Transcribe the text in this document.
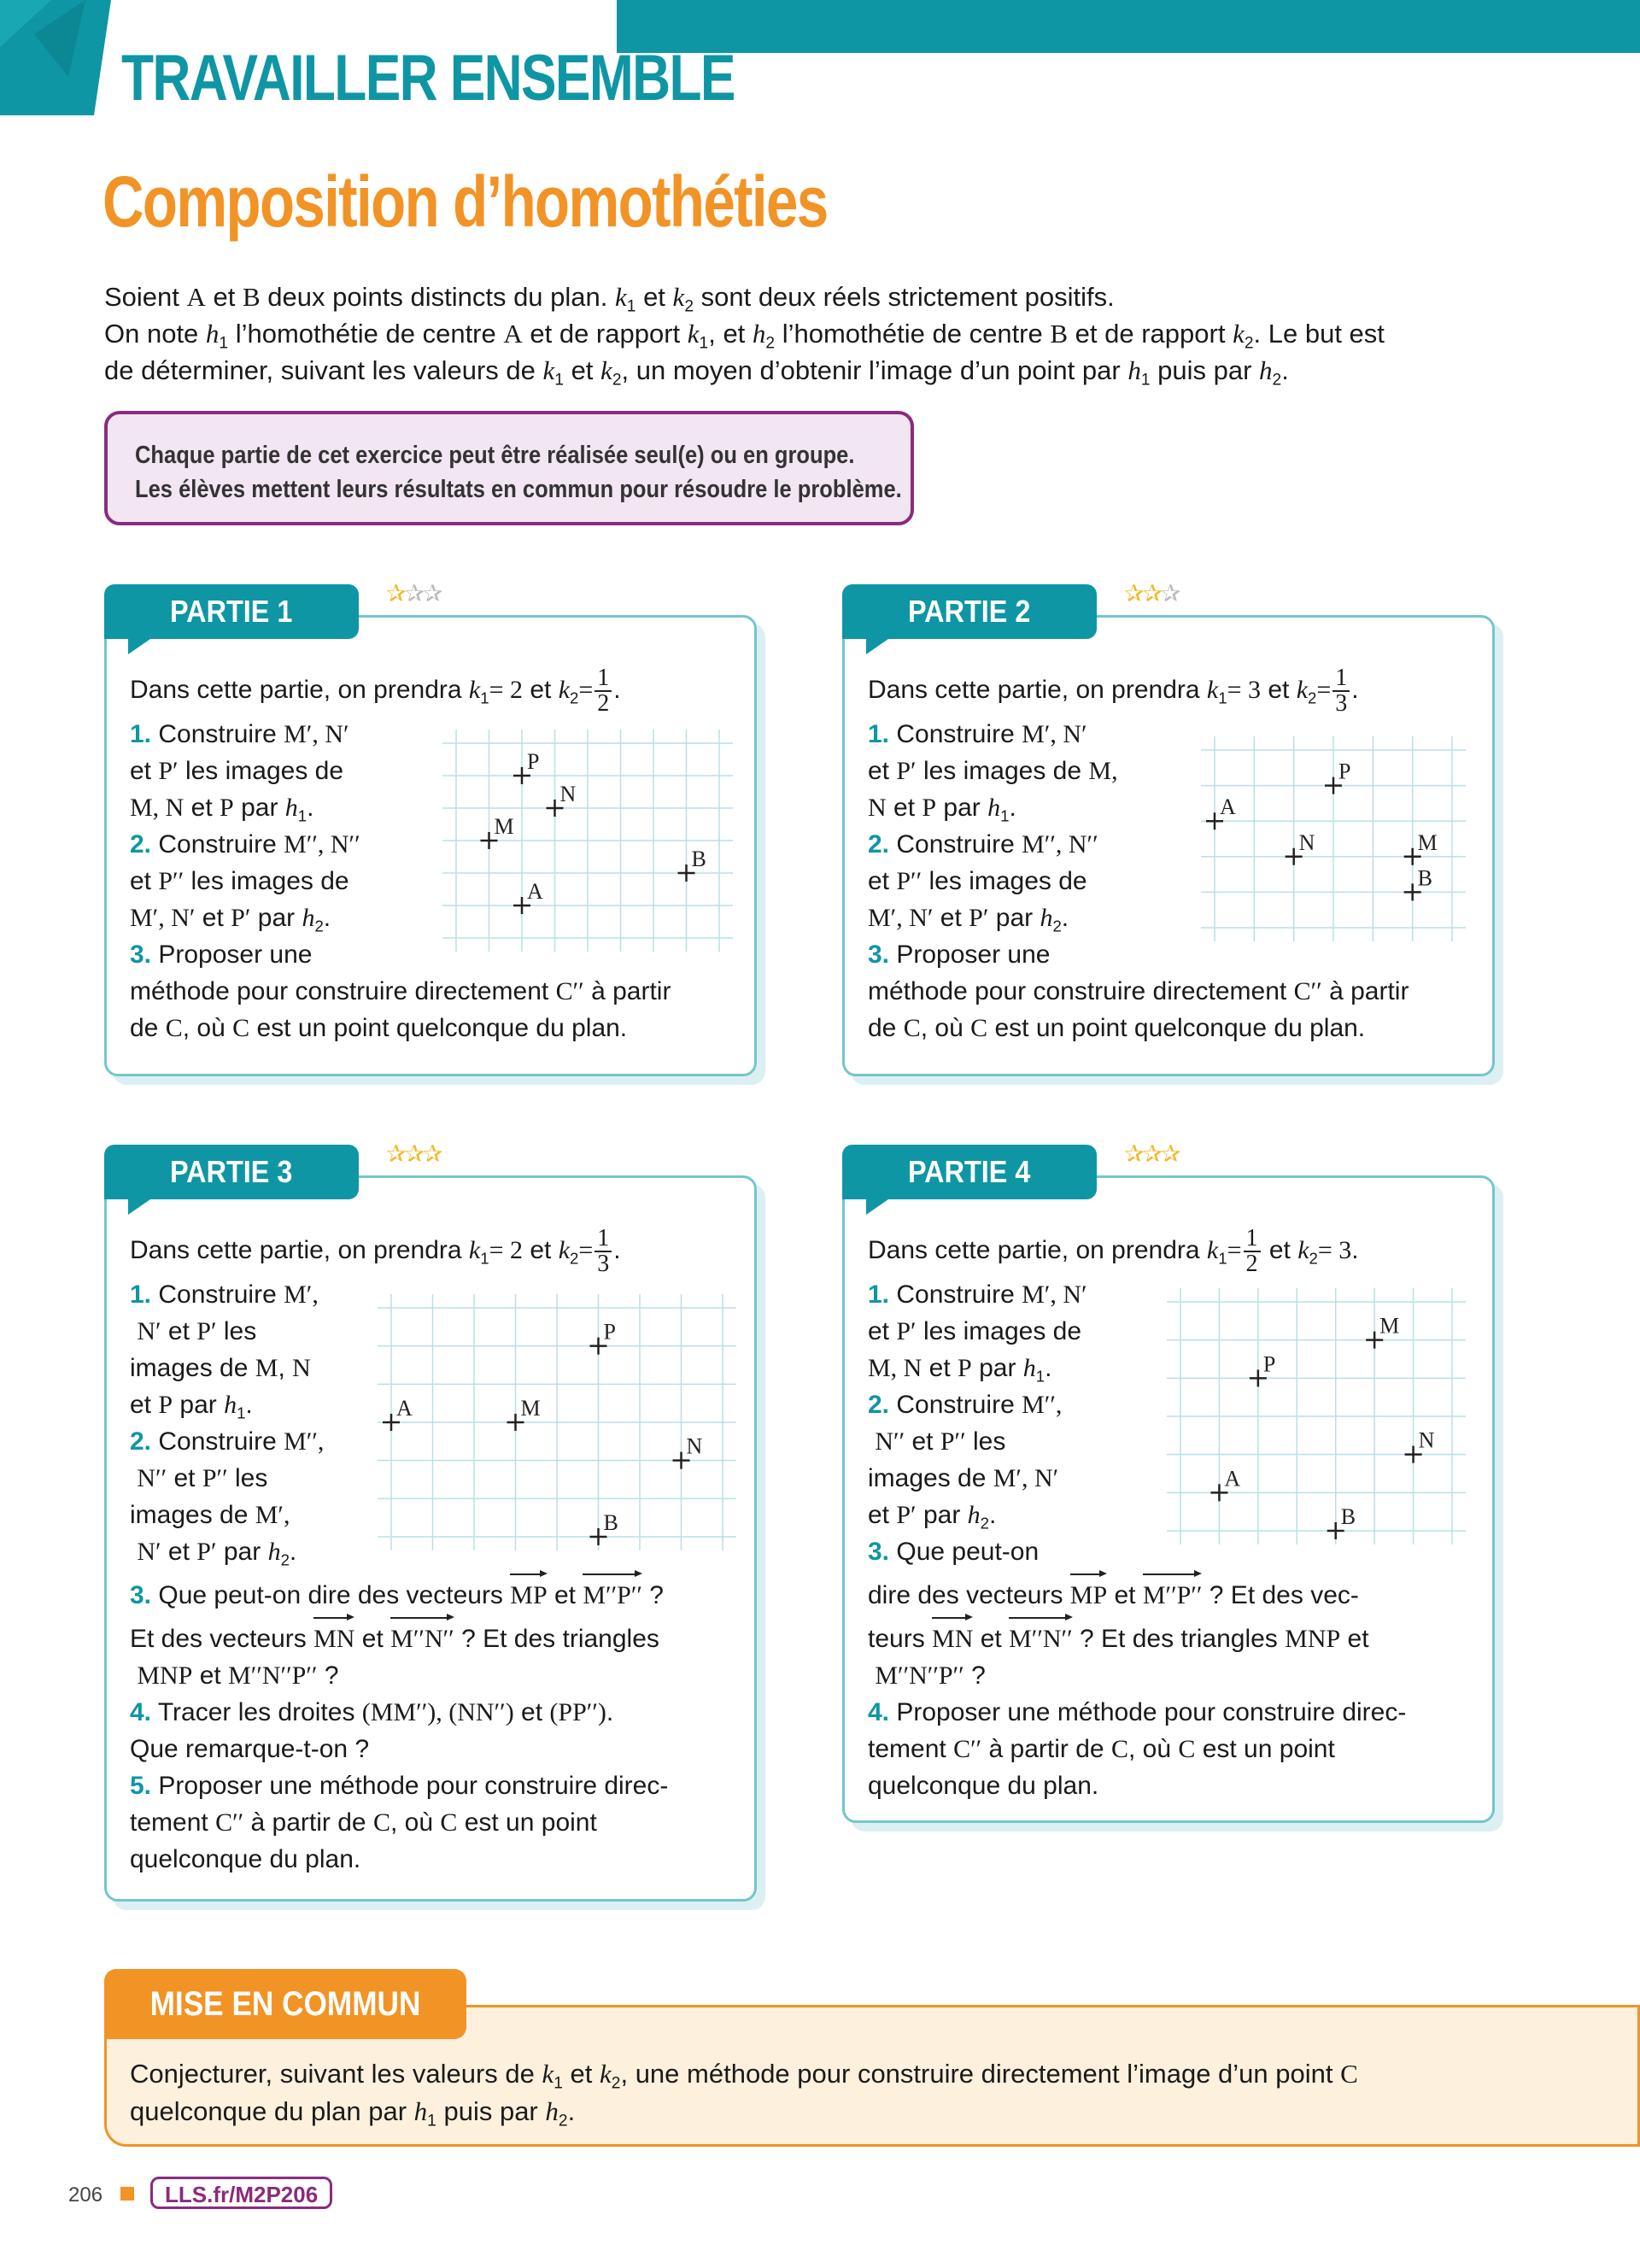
TRAVAILLER ENSEMBLE
Composition d’homothéties
Soient A et B deux points distincts du plan. $k_1$ et $k_2$ sont deux réels strictement positifs.
On note $h_1$ l’homothétie de centre A et de rapport $k_1$, et $h_2$ l’homothétie de centre B et de rapport $k_2$. Le but est
de déterminer, suivant les valeurs de $k_1$ et $k_2$, un moyen d’obtenir l’image d’un point par $h_1$ puis par $h_2$.
Chaque partie de cet exercice peut être réalisée seul(e) ou en groupe.
Les élèves mettent leurs résultats en commun pour résoudre le problème.
PARTIE 1
✰✰✰
Dans cette partie, on prendra $k_1= 2$ et $k_2= \frac{1}{2}$ .
1. Construire M′, N′
et P′ les images de
M, N et P par $h_1$.
2. Construire M′′, N′′
et P′′ les images de
M′, N′ et P′ par $h_2$.
3. Proposer une
méthode pour construire directement C′′ à partir
de C, où C est un point quelconque du plan.
P
N
M
B
A
PARTIE 2
✰✰✰
Dans cette partie, on prendra $k_1= 3$ et $k_2= \frac{1}{3}$ .
1. Construire M′, N′
et P′ les images de M,
N et P par $h_1$.
2. Construire M′′, N′′
et P′′ les images de
M′, N′ et P′ par $h_2$.
3. Proposer une
méthode pour construire directement C′′ à partir
de C, où C est un point quelconque du plan.
A
P
N	M
B
PARTIE 3
✰✰✰
Dans cette partie, on prendra $k_1= 2$ et $k_2= \frac{1}{3}$ .
1. Construire M′,
N′ et P′ les
images de M, N
et P par $h_1$.
2. Construire M′′,
N′′ et P′′ les
images de M′,
N′ et P′ par $h_2$.
3. Que peut-on dire des vecteurs MP et M′′P′′ ?
Et des vecteurs MN et M′′N′′ ? Et des triangles
MNP et M′′N′′P′′ ?
4. Tracer les droites (MM′′), (NN′′) et (PP′′).
Que remarque-t-on ?
5. Proposer une méthode pour construire direc-
tement C′′ à partir de C, où C est un point
quelconque du plan.
P
A	M
N
B
PARTIE 4
✰✰✰
Dans cette partie, on prendra $k_1= \frac{1}{2}$ et $k_2= 3$.
1. Construire M′, N′
et P′ les images de
M, N et P par $h_1$.
2. Construire M′′,
N′′ et P′′ les
images de M′, N′
et P′ par $h_2$.
3. Que peut-on
dire des vecteurs MP et M′′P′′ ? Et des vec-
teurs MN et M′′N′′ ? Et des triangles MNP et
M′′N′′P′′ ?
4. Proposer une méthode pour construire direc-
tement C′′ à partir de C, où C est un point
quelconque du plan.
M
P
N
A
B
MISE EN COMMUN
Conjecturer, suivant les valeurs de $k_1$ et $k_2$, une méthode pour construire directement l’image d’un point C
quelconque du plan par $h_1$ puis par $h_2$.
206	LLS.fr/M2P206
